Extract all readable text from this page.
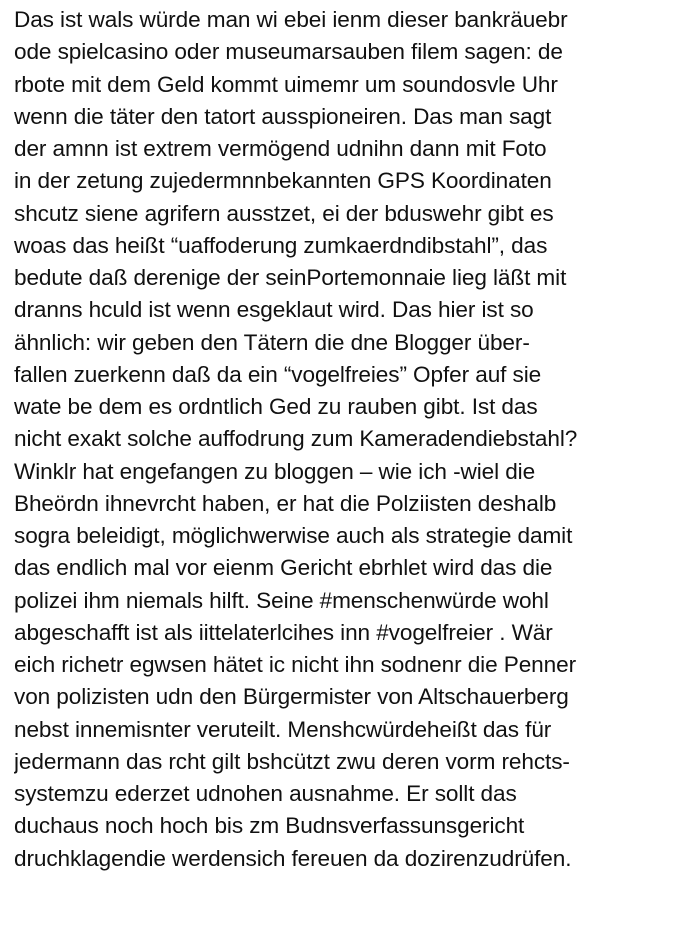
Das ist wals würde man wi ebei ienm dieser bankräuebr
ode spielcasino oder museumarsauben filem sagen: de
rbote mit dem Geld kommt uimemr um soundosvle Uhr
wenn die täter den tatort ausspioneiren. Das man sagt
der amnn ist extrem vermögend udnihn dann mit Foto
in der zetung zujedermnnbekannten GPS Koordinaten
shcutz siene agrifern ausstzet, ei der bduswehr gibt es
woas das heißt “uaffoderung zumkaerdndibstahl”, das
bedute daß derenige der seinPortemonnaie lieg läßt mit
dranns hculd ist wenn esgeklaut wird. Das hier ist so
ähnlich: wir geben den Tätern die dne Blogger über-
fallen zuerkenn daß da ein “vogelfreies” Opfer auf sie
wate be dem es ordntlich Ged zu rauben gibt. Ist das
nicht exakt solche auffodrung zum Kameradendiebstahl?
Winklr hat engefangen zu bloggen – wie ich -wiel die
Bheördn ihnevrcht haben, er hat die Polziisten deshalb
sogra beleidigt, möglichwerwise auch als strategie damit
das endlich mal vor eienm Gericht ebrhlet wird das die
polizei ihm niemals hilft. Seine #menschenwürde wohl
abgeschafft ist als iittelaterlcihes inn #vogelfreier . Wär
eich richetr egwsen hätet ic nicht ihn sodnenr die Penner
von polizisten udn den Bürgermister von Altschauerberg
nebst innemisnter veruteilt. Menshcwürdeheißt das für
jedermann das rcht gilt bshcützt zwu deren vorm rehcts-
systemzu ederzet udnohen ausnahme. Er sollt das
duchaus noch hoch bis zm Budnsverfassunsgericht
druchklagendie werdensich fereuen da dozirenzudrüfen.
